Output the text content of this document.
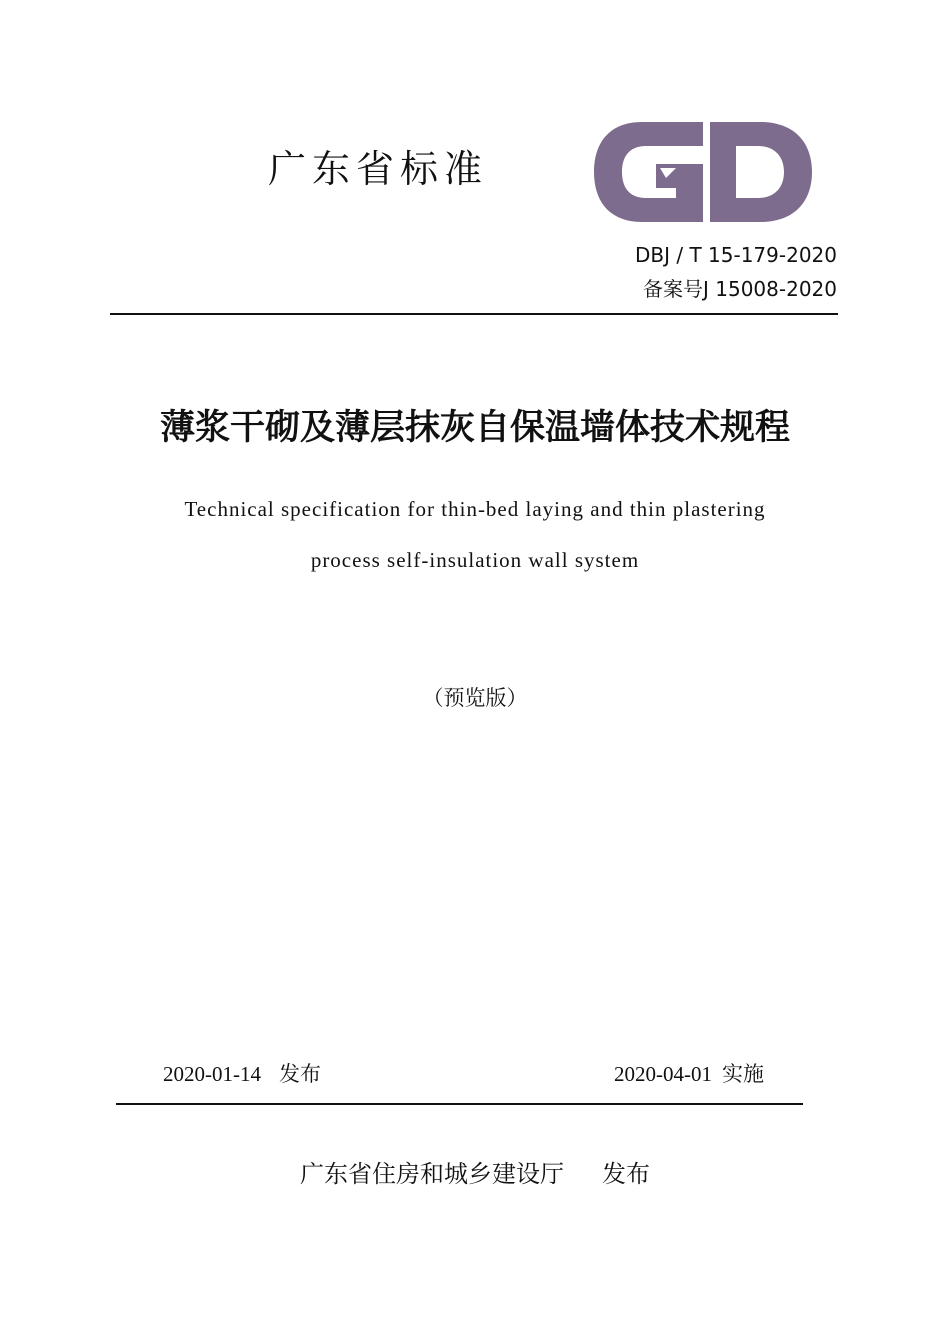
广东省标准
DBJ / T 15-179-2020
备案号J 15008-2020
薄浆干砌及薄层抹灰自保温墙体技术规程
Technical specification for thin-bed laying and thin plastering
process self-insulation wall system
（预览版）
2020-01-14 发布	2020-04-01 实施
广东省住房和城乡建设厅 发布
